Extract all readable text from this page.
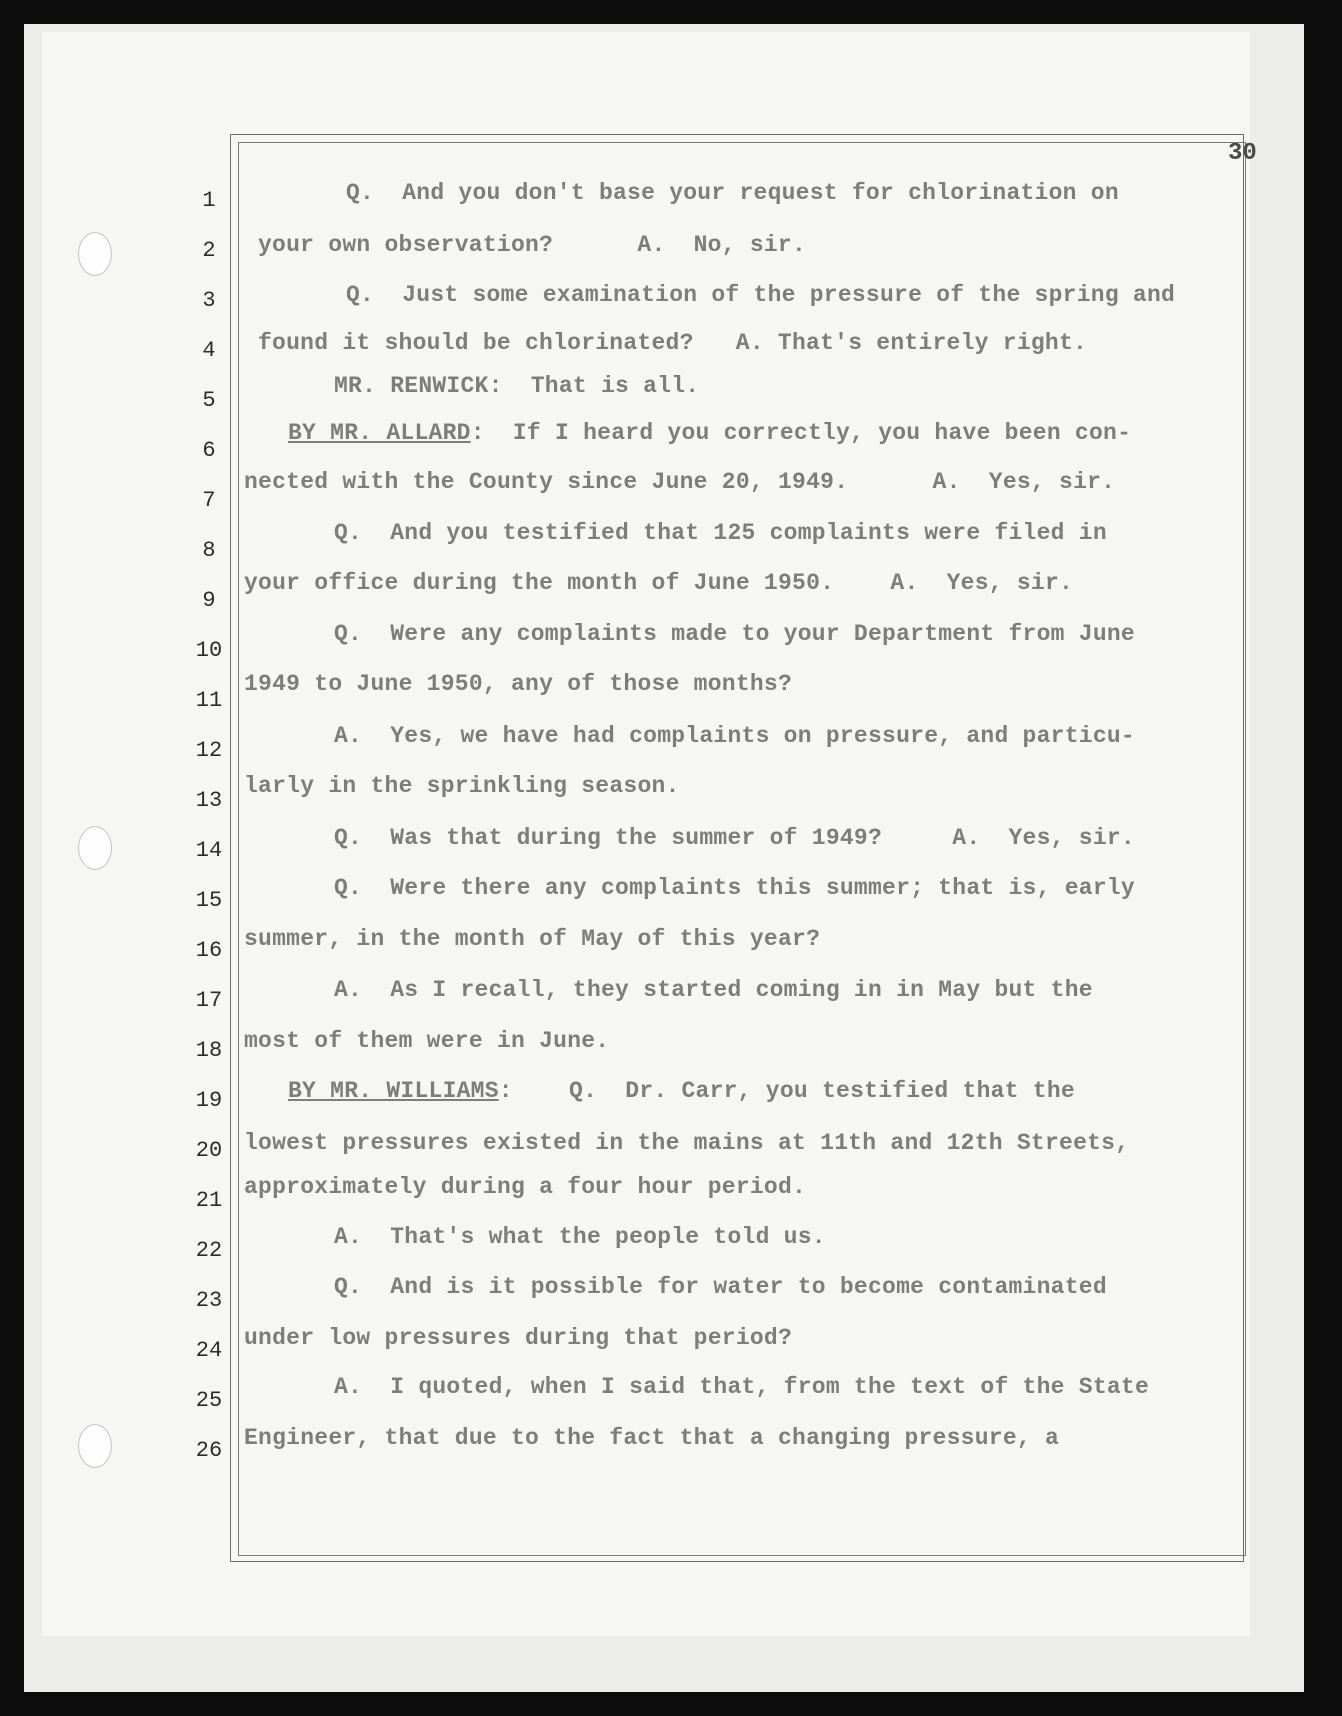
30
1
2
3
4
5
6
7
8
9
10
11
12
13
14
15
16
17
18
19
20
21
22
23
24
25
26
Q.  And you don't base your request for chlorination on
your own observation?      A.  No, sir.
Q.  Just some examination of the pressure of the spring and
found it should be chlorinated?   A. That's entirely right.
MR. RENWICK:  That is all.
BY MR. ALLARD:  If I heard you correctly, you have been con-
nected with the County since June 20, 1949.      A.  Yes, sir.
Q.  And you testified that 125 complaints were filed in
your office during the month of June 1950.    A.  Yes, sir.
Q.  Were any complaints made to your Department from June
1949 to June 1950, any of those months?
A.  Yes, we have had complaints on pressure, and particu-
larly in the sprinkling season.
Q.  Was that during the summer of 1949?     A.  Yes, sir.
Q.  Were there any complaints this summer; that is, early
summer, in the month of May of this year?
A.  As I recall, they started coming in in May but the
most of them were in June.
BY MR. WILLIAMS:    Q.  Dr. Carr, you testified that the
lowest pressures existed in the mains at 11th and 12th Streets,
approximately during a four hour period.
A.  That's what the people told us.
Q.  And is it possible for water to become contaminated
under low pressures during that period?
A.  I quoted, when I said that, from the text of the State
Engineer, that due to the fact that a changing pressure, a
